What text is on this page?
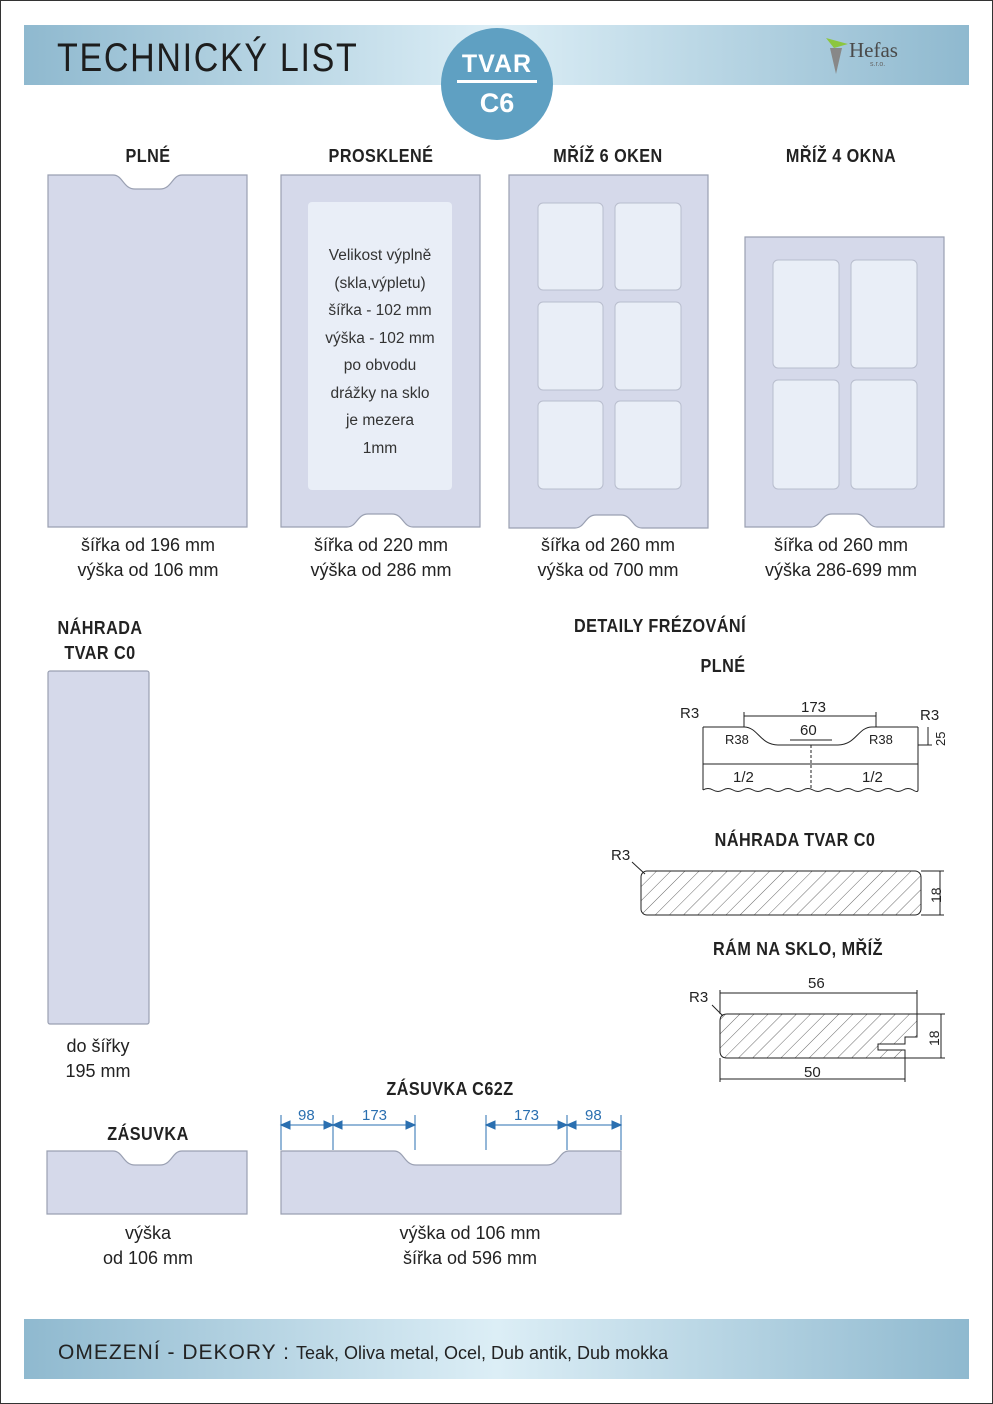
TECHNICKÝ LIST	TVAR
C6
Hefas
s.r.o.
PLNÉ	PROSKLENÉ	MŘÍŽ 6 OKEN	MŘÍŽ 4 OKNA
Velikost výplně
(skla,výpletu)
šířka - 102 mm
výška - 102 mm
po obvodu
drážky na sklo
je mezera
1mm
šířka od 196 mm
výška od 106 mm
šířka od 220 mm
výška od 286 mm
šířka od 260 mm
výška od 700 mm
šířka od 260 mm
výška 286-699 mm
NÁHRADA
TVAR C0
do šířky
195 mm
DETAILY FRÉZOVÁNÍ
PLNÉ
R3	R3
173
60
R38	R38	25
1/2	1/2
R3
18
R3
56
50
18
98	173	173	98
NÁHRADA TVAR C0
RÁM NA SKLO, MŘÍŽ
ZÁSUVKA
výška
od 106 mm
ZÁSUVKA C62Z
výška od 106 mm
šířka od 596 mm
OMEZENÍ - DEKORY : Teak, Oliva metal, Ocel, Dub antik, Dub mokka
